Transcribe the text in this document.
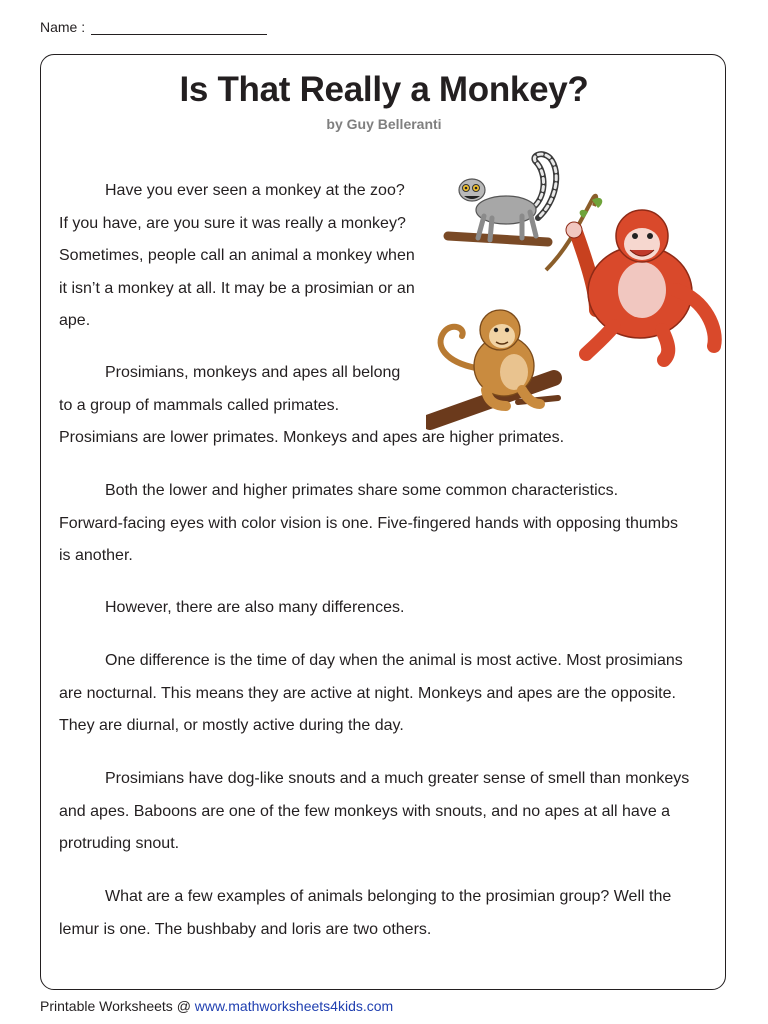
Name :
Is That Really a Monkey?

by Guy Belleranti

Have you ever seen a monkey at the zoo?
If you have, are you sure it was really a monkey?
Sometimes, people call an animal a monkey when
it isn’t a monkey at all. It may be a prosimian or an
ape.

Prosimians, monkeys and apes all belong
to a group of mammals called primates.
Prosimians are lower primates. Monkeys and apes are higher primates.

Both the lower and higher primates share some common characteristics.
Forward-facing eyes with color vision is one. Five-fingered hands with opposing thumbs
is another.

However, there are also many differences.

One difference is the time of day when the animal is most active. Most prosimians
are nocturnal. This means they are active at night. Monkeys and apes are the opposite.
They are diurnal, or mostly active during the day.

Prosimians have dog-like snouts and a much greater sense of smell than monkeys
and apes. Baboons are one of the few monkeys with snouts, and no apes at all have a
protruding snout.

What are a few examples of animals belonging to the prosimian group? Well the
lemur is one. The bushbaby and loris are two others.

Printable Worksheets @ www.mathworksheets4kids.com
